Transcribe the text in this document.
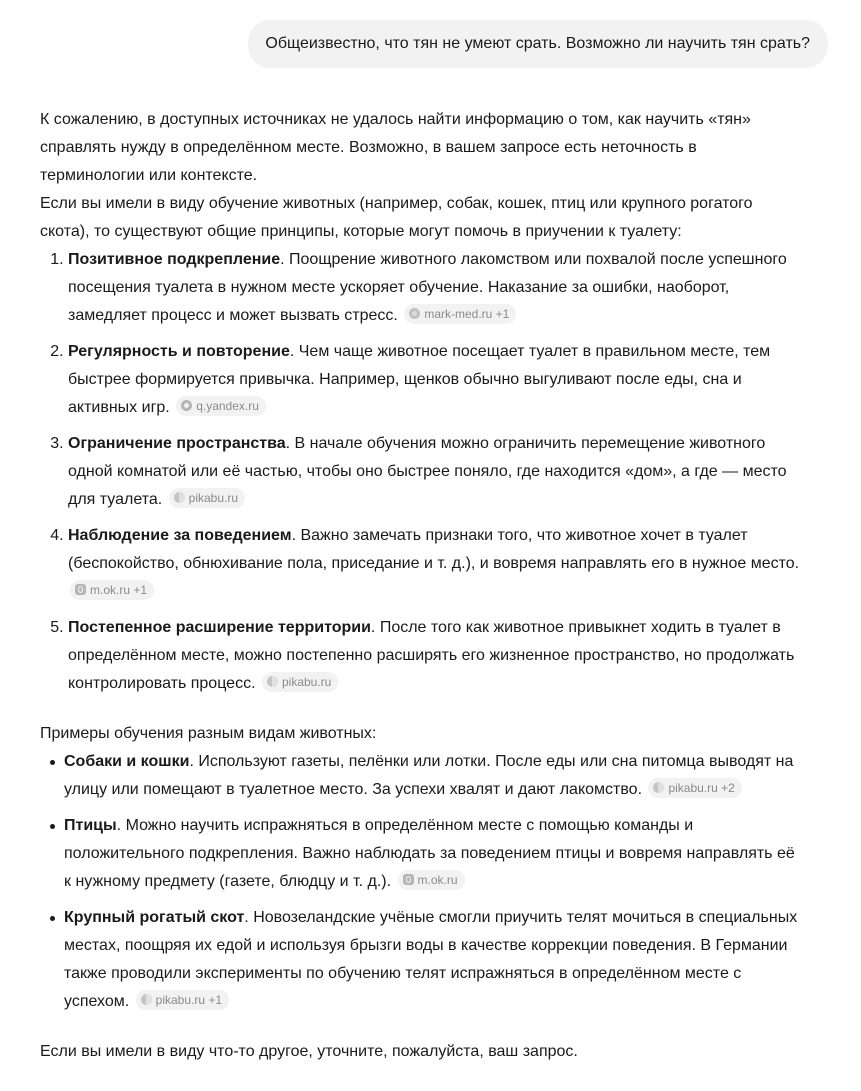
Общеизвестно, что тян не умеют срать. Возможно ли научить тян срать?

К сожалению, в доступных источниках не удалось найти информацию о том, как научить «тян» справлять нужду в определённом месте. Возможно, в вашем запросе есть неточность в терминологии или контексте.

Если вы имели в виду обучение животных (например, собак, кошек, птиц или крупного рогатого скота), то существуют общие принципы, которые могут помочь в приучении к туалету:

1. Позитивное подкрепление. Поощрение животного лакомством или похвалой после успешного посещения туалета в нужном месте ускоряет обучение. Наказание за ошибки, наоборот, замедляет процесс и может вызвать стресс. mark-med.ru +1
2. Регулярность и повторение. Чем чаще животное посещает туалет в правильном месте, тем быстрее формируется привычка. Например, щенков обычно выгуливают после еды, сна и активных игр. q.yandex.ru
3. Ограничение пространства. В начале обучения можно ограничить перемещение животного одной комнатой или её частью, чтобы оно быстрее поняло, где находится «дом», а где — место для туалета. pikabu.ru
4. Наблюдение за поведением. Важно замечать признаки того, что животное хочет в туалет (беспокойство, обнюхивание пола, приседание и т. д.), и вовремя направлять его в нужное место.
m.ok.ru +1
5. Постепенное расширение территории. После того как животное привыкнет ходить в туалет в определённом месте, можно постепенно расширять его жизненное пространство, но продолжать контролировать процесс. pikabu.ru

Примеры обучения разным видам животных:

Собаки и кошки. Используют газеты, пелёнки или лотки. После еды или сна питомца выводят на улицу или помещают в туалетное место. За успехи хвалят и дают лакомство. pikabu.ru +2
Птицы. Можно научить испражняться в определённом месте с помощью команды и положительного подкрепления. Важно наблюдать за поведением птицы и вовремя направлять её к нужному предмету (газете, блюдцу и т. д.). m.ok.ru
Крупный рогатый скот. Новозеландские учёные смогли приучить телят мочиться в специальных местах, поощряя их едой и используя брызги воды в качестве коррекции поведения. В Германии также проводили эксперименты по обучению телят испражняться в определённом месте с успехом. pikabu.ru +1

Если вы имели в виду что-то другое, уточните, пожалуйста, ваш запрос.
